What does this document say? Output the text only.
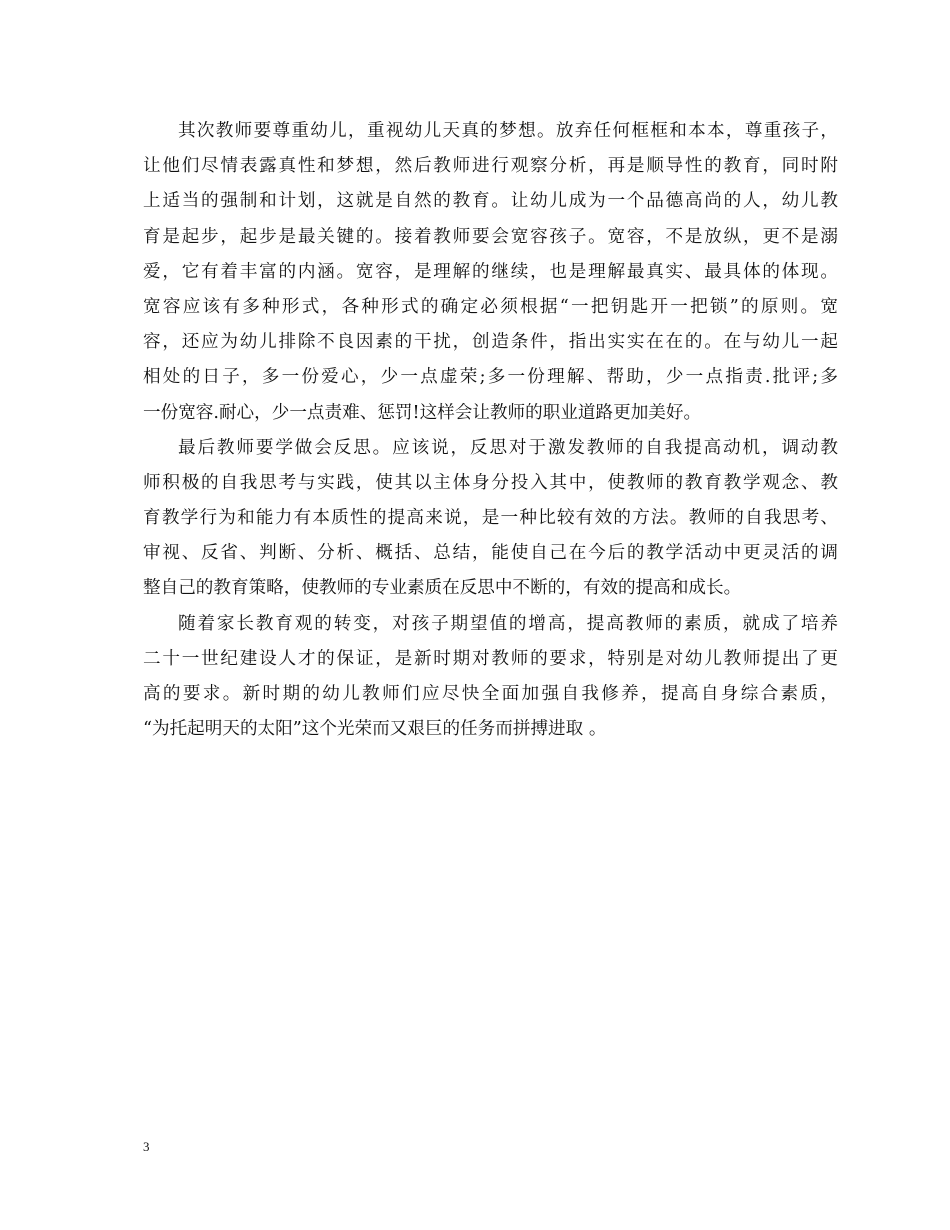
其次教师要尊重幼儿，重视幼儿天真的梦想。放弃任何框框和本本，尊重孩子，
让他们尽情表露真性和梦想，然后教师进行观察分析，再是顺导性的教育，同时附
上适当的强制和计划，这就是自然的教育。让幼儿成为一个品德高尚的人，幼儿教
育是起步，起步是最关键的。接着教师要会宽容孩子。宽容，不是放纵，更不是溺
爱，它有着丰富的内涵。宽容，是理解的继续，也是理解最真实、最具体的体现。
宽容应该有多种形式，各种形式的确定必须根据“一把钥匙开一把锁”的原则。宽
容，还应为幼儿排除不良因素的干扰，创造条件，指出实实在在的。在与幼儿一起
相处的日子，多一份爱心，少一点虚荣;多一份理解、帮助，少一点指责.批评;多
一份宽容.耐心，少一点责难、惩罚!这样会让教师的职业道路更加美好。
最后教师要学做会反思。应该说，反思对于激发教师的自我提高动机，调动教
师积极的自我思考与实践，使其以主体身分投入其中，使教师的教育教学观念、教
育教学行为和能力有本质性的提高来说，是一种比较有效的方法。教师的自我思考、
审视、反省、判断、分析、概括、总结，能使自己在今后的教学活动中更灵活的调
整自己的教育策略，使教师的专业素质在反思中不断的，有效的提高和成长。
随着家长教育观的转变，对孩子期望值的增高，提高教师的素质，就成了培养
二十一世纪建设人才的保证，是新时期对教师的要求，特别是对幼儿教师提出了更
高的要求。新时期的幼儿教师们应尽快全面加强自我修养，提高自身综合素质，
“为托起明天的太阳”这个光荣而又艰巨的任务而拼搏进取 。
3
